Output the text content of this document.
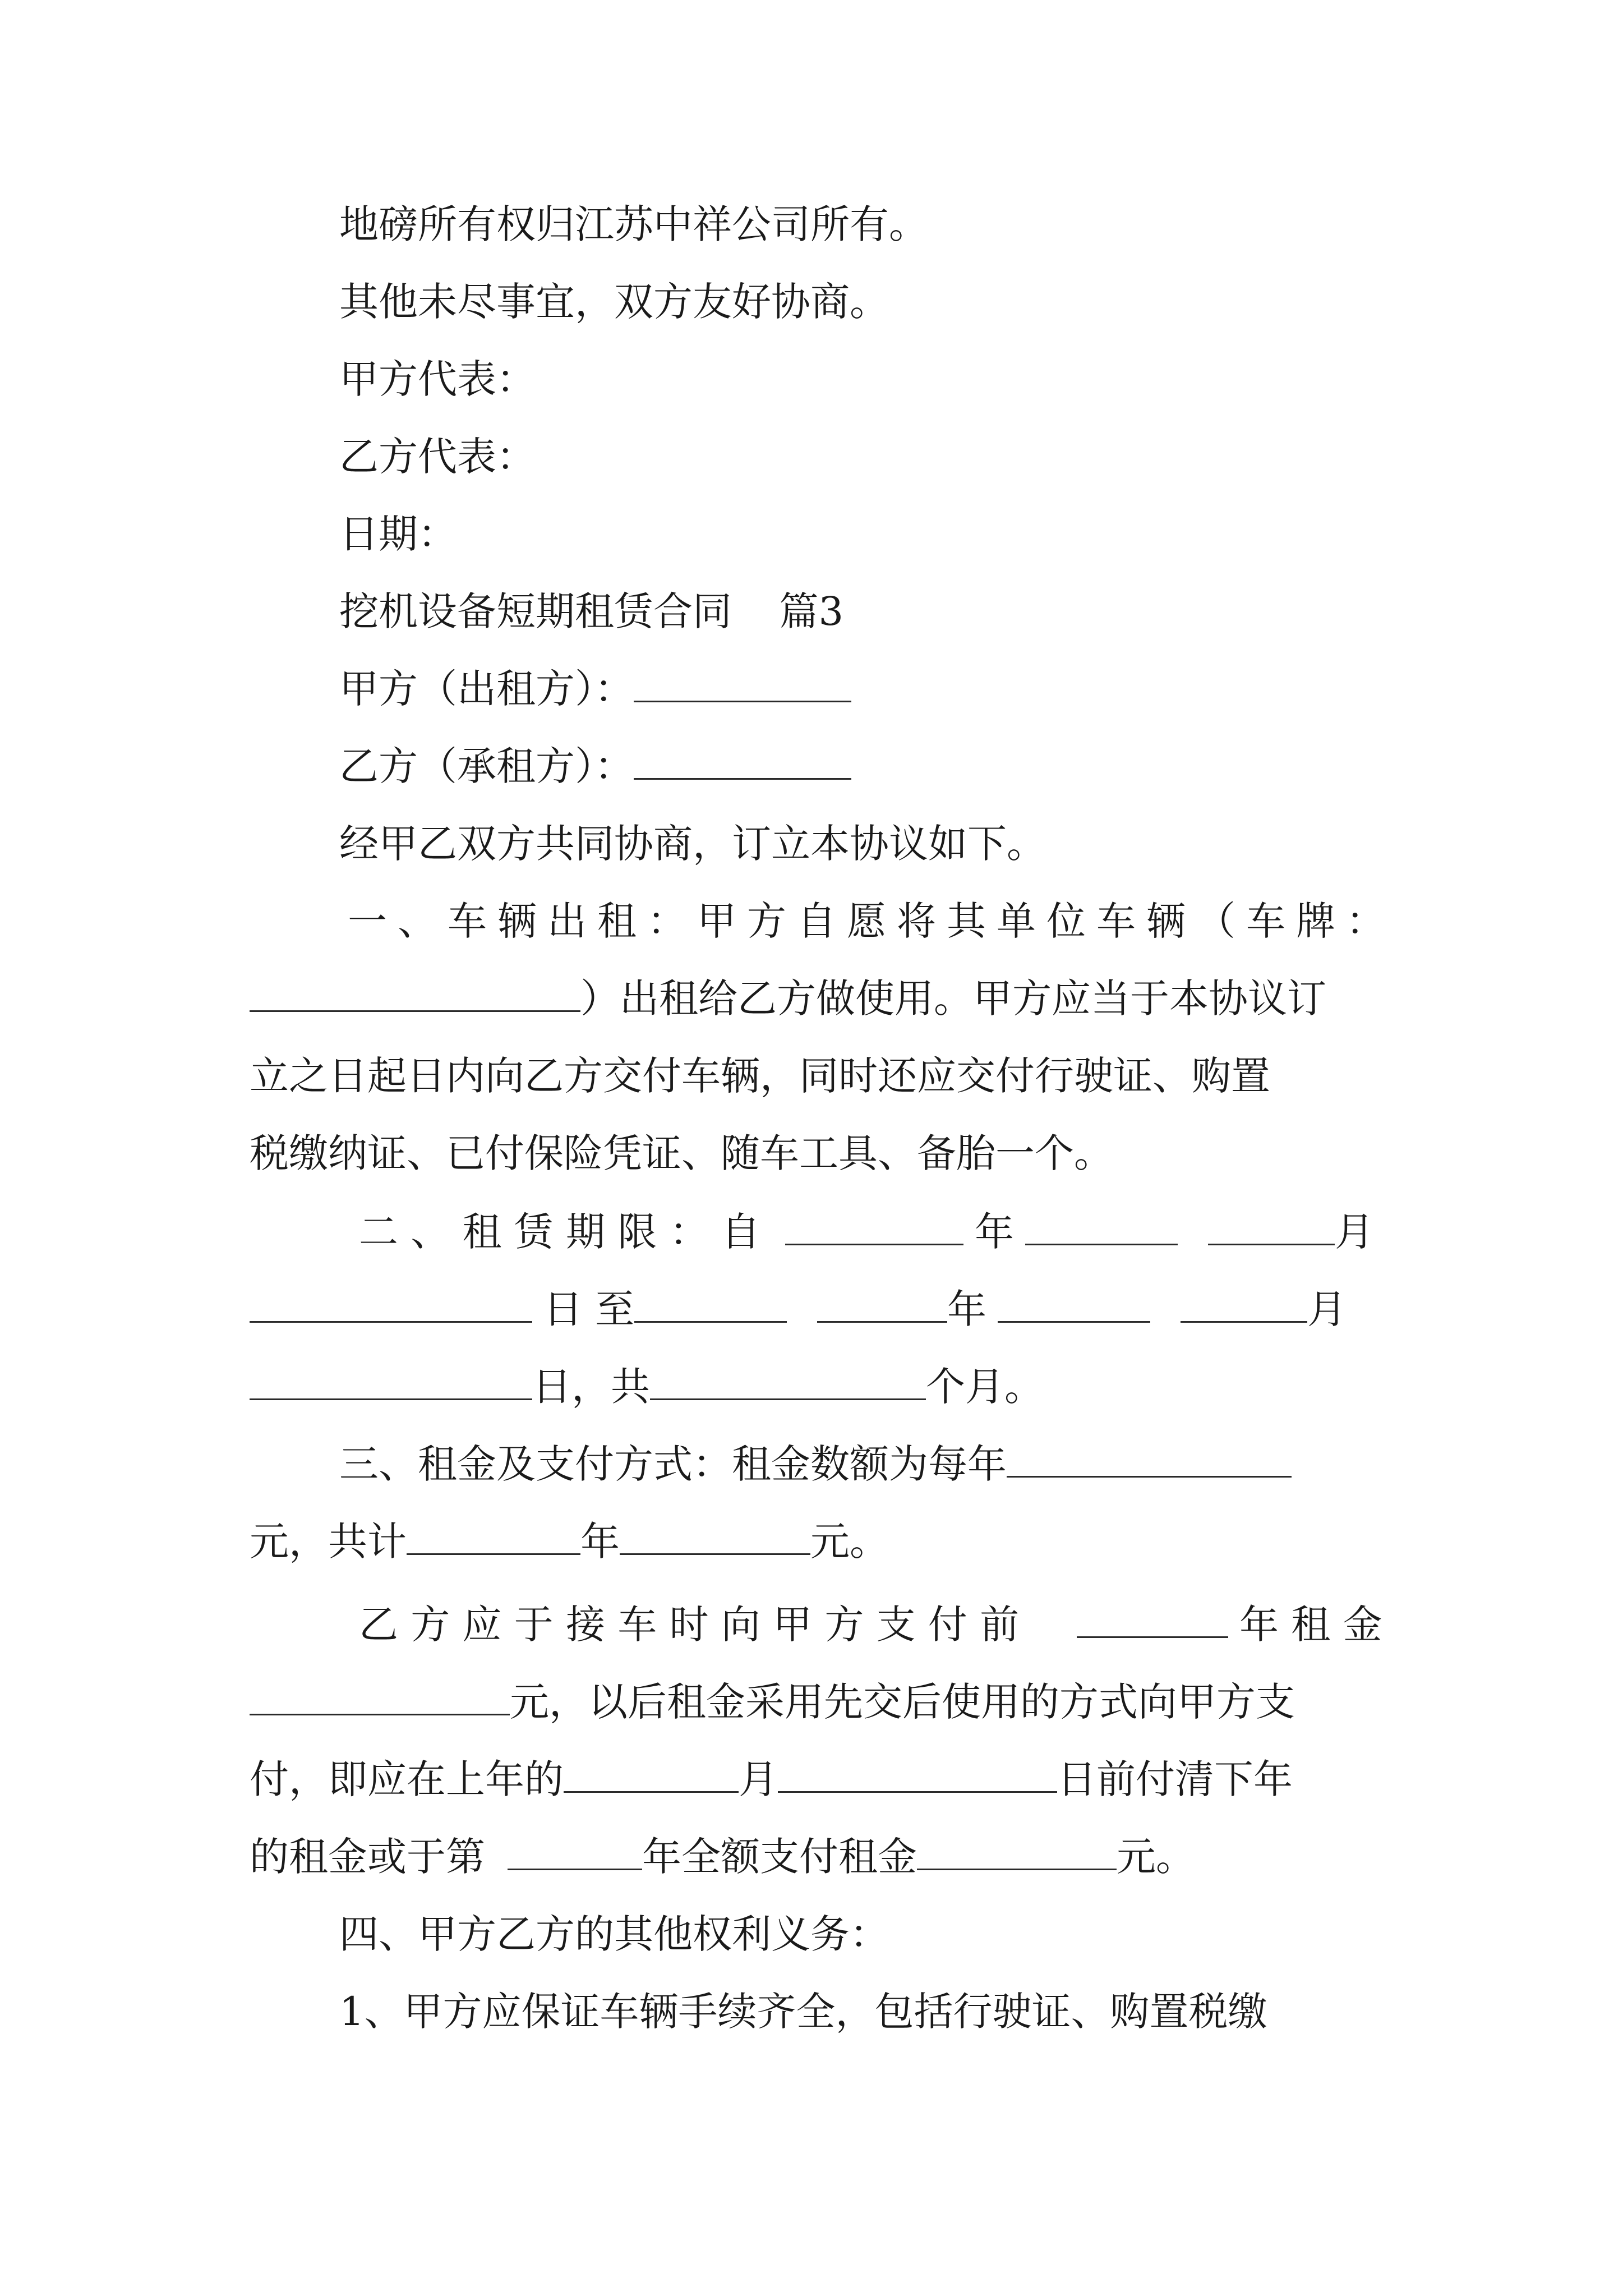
地磅所有权归江苏中祥公司所有。
其他未尽事宜，双方友好协商。
甲方代表：
乙方代表：
日期：
挖机设备短期租赁合同 篇3
甲方（出租方）：
乙方（承租方）：
经甲乙双方共同协商，订立本协议如下。
一 、 车 辆 出 租 ： 甲 方 自 愿 将 其 单 位 车 辆 （ 车 牌 ：
）出租给乙方做使用。甲方应当于本协议订
立之日起日内向乙方交付车辆，同时还应交付行驶证、购置
税缴纳证、已付保险凭证、随车工具、备胎一个。
二 、 租 赁 期 限 ： 自	年	月
日 至	年	月
日，共	个月。
三、租金及支付方式：租金数额为每年
元，共计	年	元。
乙 方 应 于 接 车 时 向 甲 方 支 付 前	年 租 金
元，以后租金采用先交后使用的方式向甲方支
付，即应在上年的	月	日前付清下年
的租金或于第	年全额支付租金	元。
四、甲方乙方的其他权利义务：
1、甲方应保证车辆手续齐全，包括行驶证、购置税缴
